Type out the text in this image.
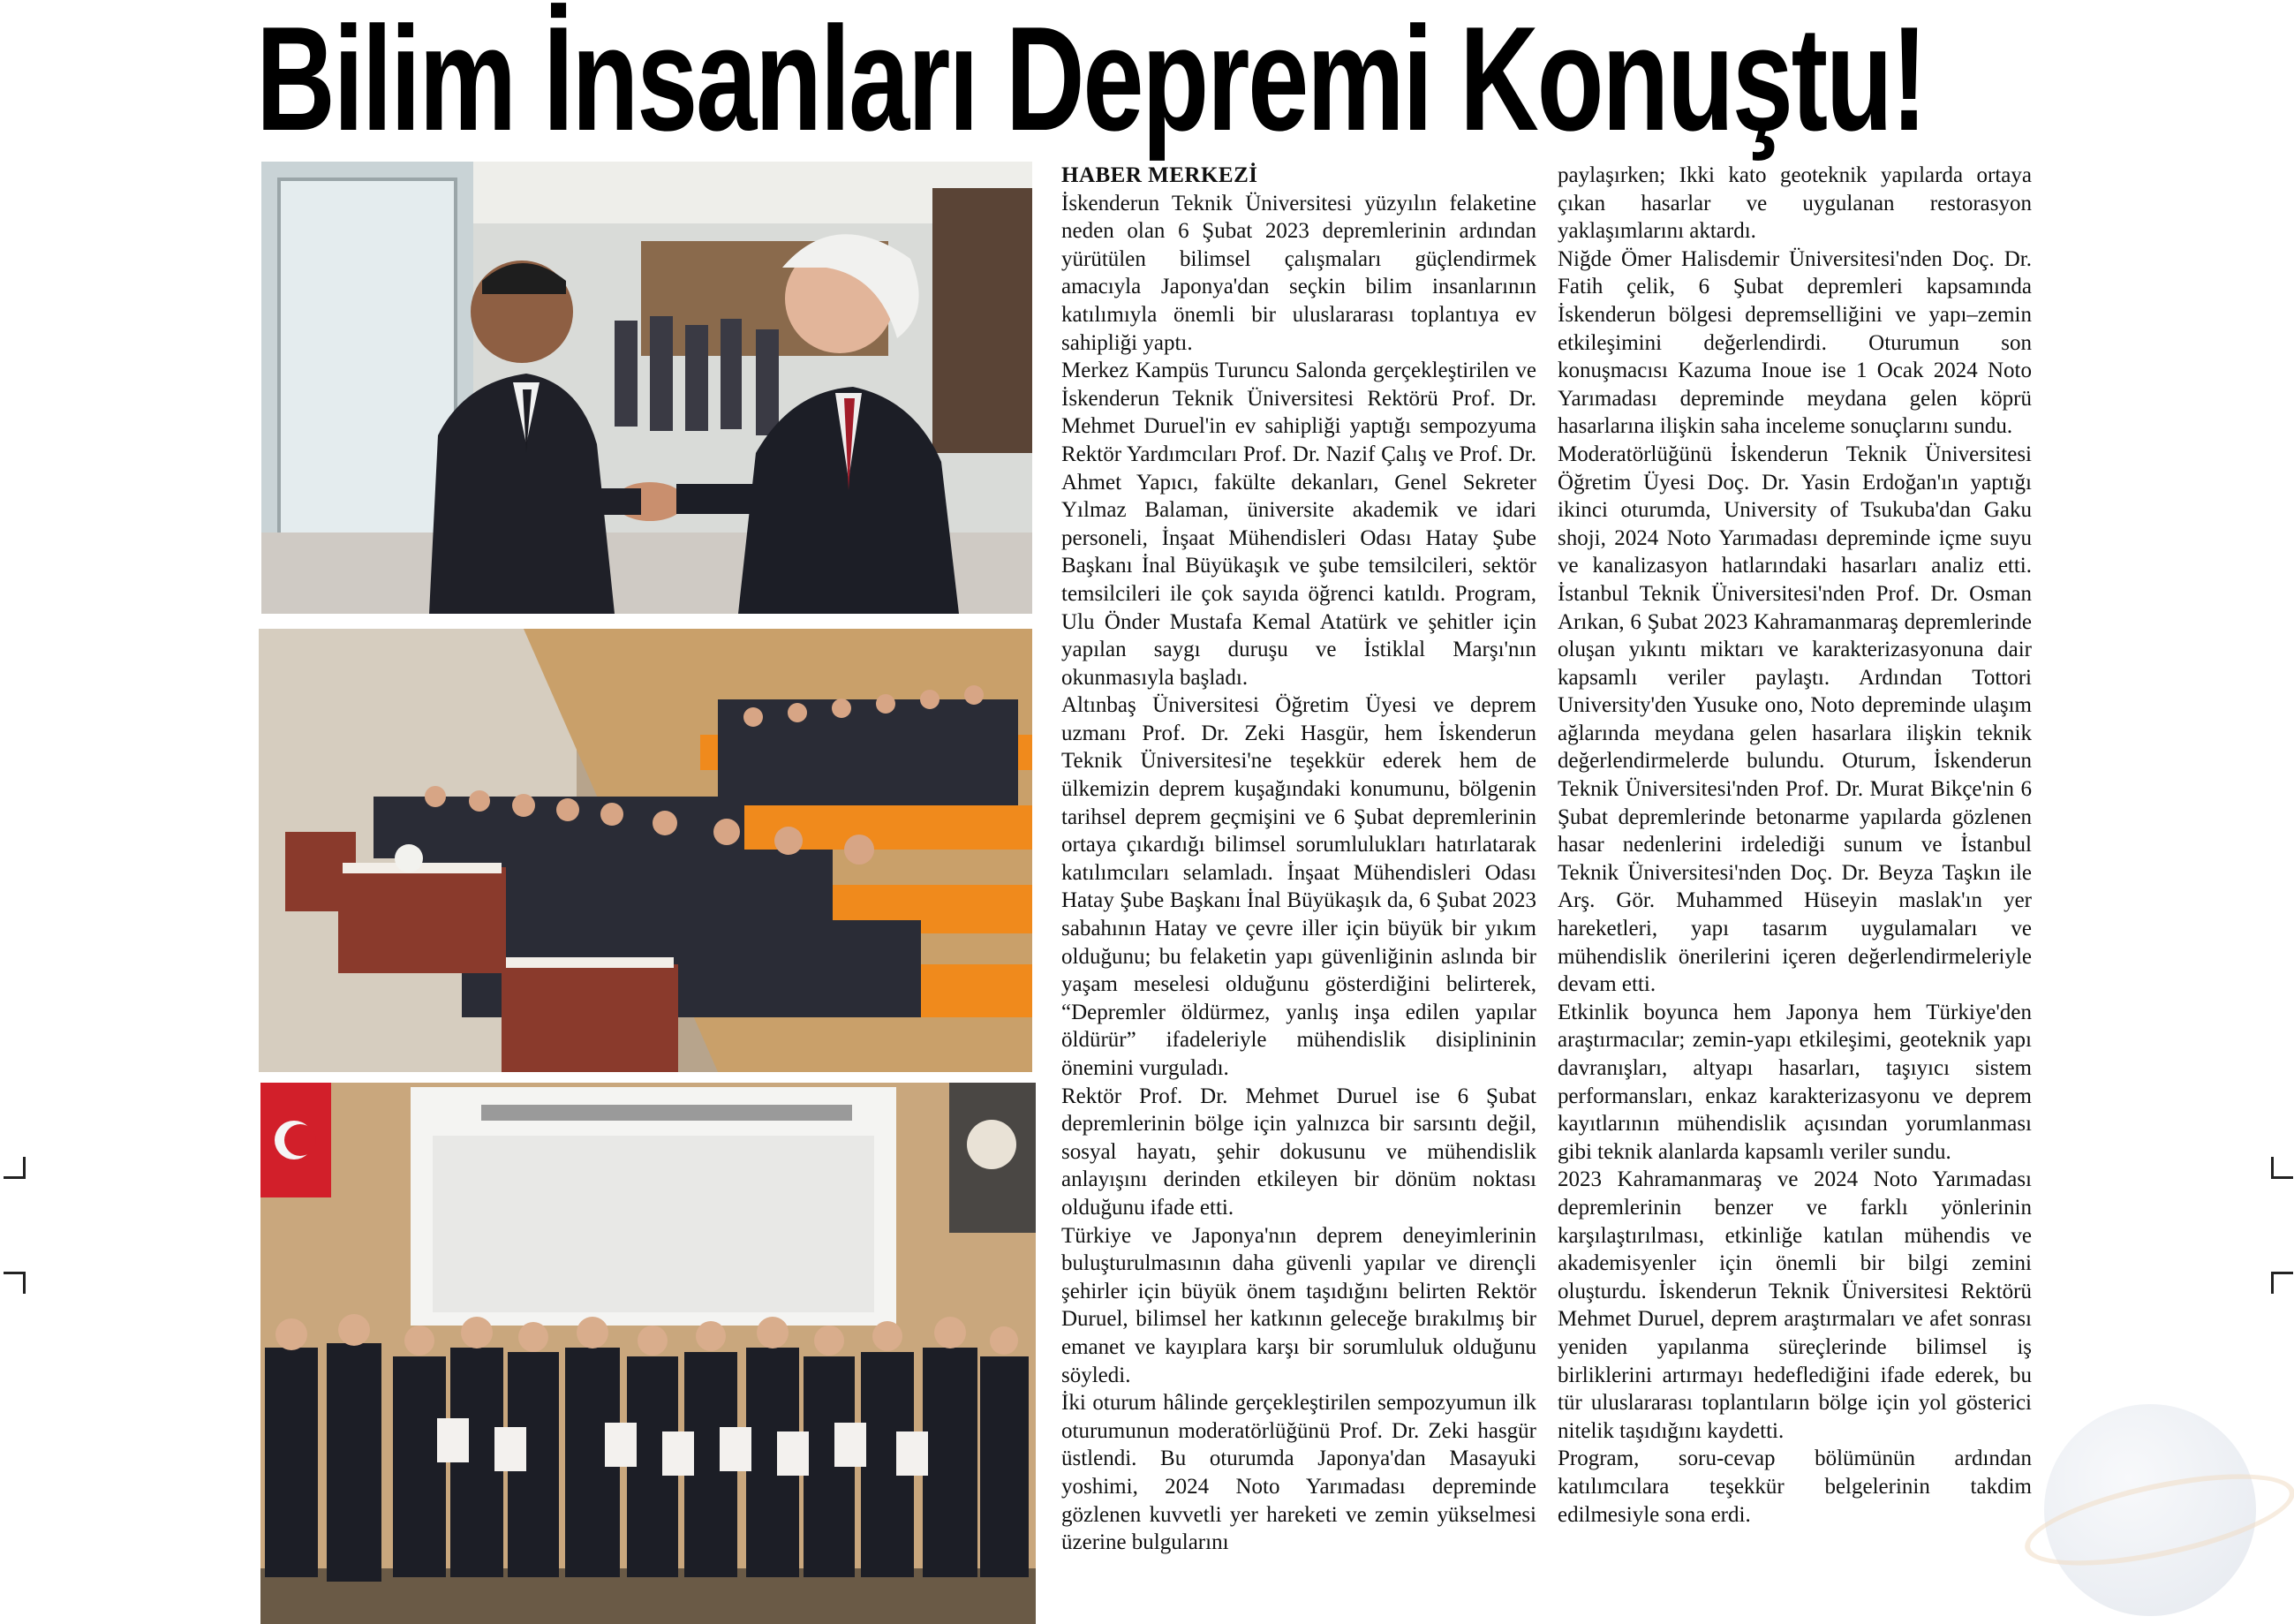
Bilim İnsanları Depremi Konuştu!

HABER MERKEZİ

İskenderun Teknik Üniversitesi yüzyılın felaketine neden olan 6 Şubat 2023 depremlerinin ardından yürütülen bilimsel çalışmaları güçlendirmek amacıyla Japonya'dan seçkin bilim insanlarının katılımıyla önemli bir uluslararası toplantıya ev sahipliği yaptı.

Merkez Kampüs Turuncu Salonda gerçekleştirilen ve İskenderun Teknik Üniversitesi Rektörü Prof. Dr. Mehmet Duruel'in ev sahipliği yaptığı sempozyuma Rektör Yardımcıları Prof. Dr. Nazif Çalış ve Prof. Dr. Ahmet Yapıcı, fakülte dekanları, Genel Sekreter Yılmaz Balaman, üniversite akademik ve idari personeli, İnşaat Mühendisleri Odası Hatay Şube Başkanı İnal Büyükaşık ve şube temsilcileri, sektör temsilcileri ile çok sayıda öğrenci katıldı. Program, Ulu Önder Mustafa Kemal Atatürk ve şehitler için yapılan saygı duruşu ve İstiklal Marşı'nın okunmasıyla başladı.

Altınbaş Üniversitesi Öğretim Üyesi ve deprem uzmanı Prof. Dr. Zeki Hasgür, hem İskenderun Teknik Üniversitesi'ne teşekkür ederek hem de ülkemizin deprem kuşağındaki konumunu, bölgenin tarihsel deprem geçmişini ve 6 Şubat depremlerinin ortaya çıkardığı bilimsel sorumlulukları hatırlatarak katılımcıları selamladı. İnşaat Mühendisleri Odası Hatay Şube Başkanı İnal Büyükaşık da, 6 Şubat 2023 sabahının Hatay ve çevre iller için büyük bir yıkım olduğunu; bu felaketin yapı güvenliğinin aslında bir yaşam meselesi olduğunu gösterdiğini belirterek, “Depremler öldürmez, yanlış inşa edilen yapılar öldürür” ifadeleriyle mühendislik disiplininin önemini vurguladı.

Rektör Prof. Dr. Mehmet Duruel ise 6 Şubat depremlerinin bölge için yalnızca bir sarsıntı değil, sosyal hayatı, şehir dokusunu ve mühendislik anlayışını derinden etkileyen bir dönüm noktası olduğunu ifade etti.

Türkiye ve Japonya'nın deprem deneyimlerinin buluşturulmasının daha güvenli yapılar ve dirençli şehirler için büyük önem taşıdığını belirten Rektör Duruel, bilimsel her katkının geleceğe bırakılmış bir emanet ve kayıplara karşı bir sorumluluk olduğunu söyledi.

İki oturum hâlinde gerçekleştirilen sempozyumun ilk oturumunun moderatörlüğünü Prof. Dr. Zeki hasgür üstlendi. Bu oturumda Japonya'dan Masayuki yoshimi, 2024 Noto Yarımadası depreminde gözlenen kuvvetli yer hareketi ve zemin yükselmesi üzerine bulgularını

paylaşırken; Ikki kato geoteknik yapılarda ortaya çıkan hasarlar ve uygulanan restorasyon yaklaşımlarını aktardı.

Niğde Ömer Halisdemir Üniversitesi'nden Doç. Dr. Fatih çelik, 6 Şubat depremleri kapsamında İskenderun bölgesi depremselliğini ve yapı–zemin etkileşimini değerlendirdi. Oturumun son konuşmacısı Kazuma Inoue ise 1 Ocak 2024 Noto Yarımadası depreminde meydana gelen köprü hasarlarına ilişkin saha inceleme sonuçlarını sundu.

Moderatörlüğünü İskenderun Teknik Üniversitesi Öğretim Üyesi Doç. Dr. Yasin Erdoğan'ın yaptığı ikinci oturumda, University of Tsukuba'dan Gaku shoji, 2024 Noto Yarımadası depreminde içme suyu ve kanalizasyon hatlarındaki hasarları analiz etti. İstanbul Teknik Üniversitesi'nden Prof. Dr. Osman Arıkan, 6 Şubat 2023 Kahramanmaraş depremlerinde oluşan yıkıntı miktarı ve karakterizasyonuna dair kapsamlı veriler paylaştı. Ardından Tottori University'den Yusuke ono, Noto depreminde ulaşım ağlarında meydana gelen hasarlara ilişkin teknik değerlendirmelerde bulundu. Oturum, İskenderun Teknik Üniversitesi'nden Prof. Dr. Murat Bikçe'nin 6 Şubat depremlerinde betonarme yapılarda gözlenen hasar nedenlerini irdelediği sunum ve İstanbul Teknik Üniversitesi'nden Doç. Dr. Beyza Taşkın ile Arş. Gör. Muhammed Hüseyin maslak'ın yer hareketleri, yapı tasarım uygulamaları ve mühendislik önerilerini içeren değerlendirmeleriyle devam etti.

Etkinlik boyunca hem Japonya hem Türkiye'den araştırmacılar; zemin-yapı etkileşimi, geoteknik yapı davranışları, altyapı hasarları, taşıyıcı sistem performansları, enkaz karakterizasyonu ve deprem kayıtlarının mühendislik açısından yorumlanması gibi teknik alanlarda kapsamlı veriler sundu.

2023 Kahramanmaraş ve 2024 Noto Yarımadası depremlerinin benzer ve farklı yönlerinin karşılaştırılması, etkinliğe katılan mühendis ve akademisyenler için önemli bir bilgi zemini oluşturdu. İskenderun Teknik Üniversitesi Rektörü Mehmet Duruel, deprem araştırmaları ve afet sonrası yeniden yapılanma süreçlerinde bilimsel iş birliklerini artırmayı hedeflediğini ifade ederek, bu tür uluslararası toplantıların bölge için yol gösterici nitelik taşıdığını kaydetti.

Program, soru-cevap bölümünün ardından katılımcılara teşekkür belgelerinin takdim edilmesiyle sona erdi.
